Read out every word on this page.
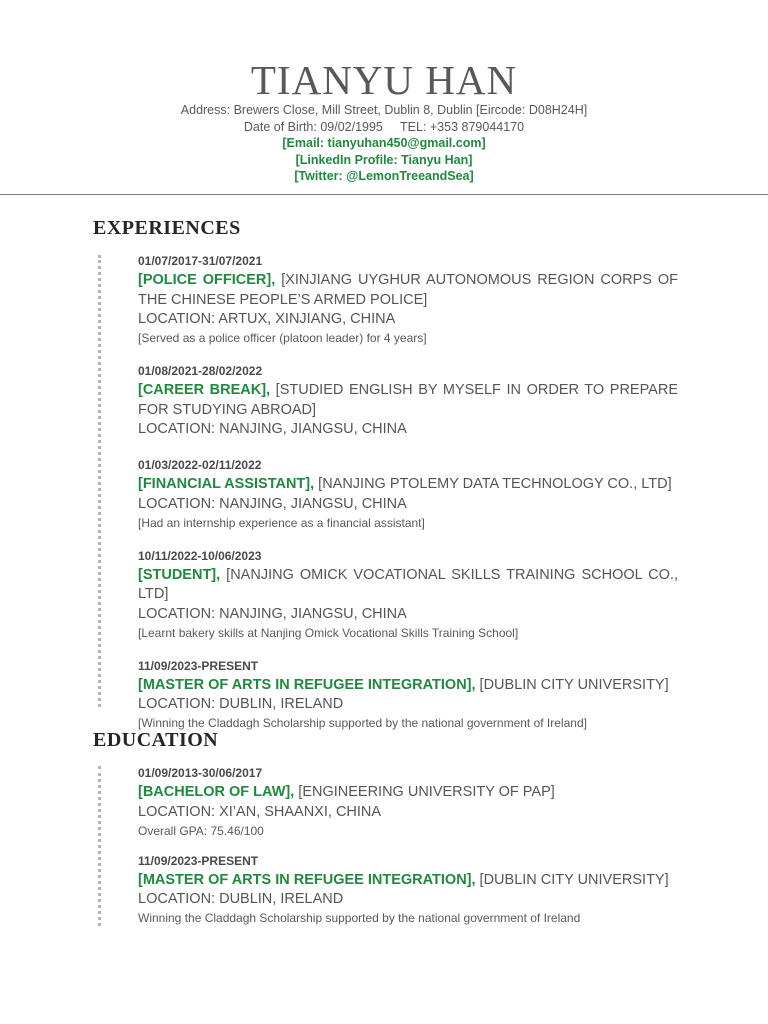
TIANYU HAN
Address: Brewers Close, Mill Street, Dublin 8, Dublin [Eircode: D08H24H]
Date of Birth: 09/02/1995     TEL: +353 879044170
[Email: tianyuhan450@gmail.com]
[LinkedIn Profile: Tianyu Han]
[Twitter: @LemonTreeandSea]
EXPERIENCES
01/07/2017-31/07/2021
[POLICE OFFICER], [XINJIANG UYGHUR AUTONOMOUS REGION CORPS OF THE CHINESE PEOPLE’S ARMED POLICE]
LOCATION: ARTUX, XINJIANG, CHINA
[Served as a police officer (platoon leader) for 4 years]
01/08/2021-28/02/2022
[CAREER BREAK], [STUDIED ENGLISH BY MYSELF IN ORDER TO PREPARE FOR STUDYING ABROAD]
LOCATION: NANJING, JIANGSU, CHINA
01/03/2022-02/11/2022
[FINANCIAL ASSISTANT], [NANJING PTOLEMY DATA TECHNOLOGY CO., LTD]
LOCATION: NANJING, JIANGSU, CHINA
[Had an internship experience as a financial assistant]
10/11/2022-10/06/2023
[STUDENT], [NANJING OMICK VOCATIONAL SKILLS TRAINING SCHOOL CO., LTD]
LOCATION: NANJING, JIANGSU, CHINA
[Learnt bakery skills at Nanjing Omick Vocational Skills Training School]
11/09/2023-PRESENT
[MASTER OF ARTS IN REFUGEE INTEGRATION], [DUBLIN CITY UNIVERSITY]
LOCATION: DUBLIN, IRELAND
[Winning the Claddagh Scholarship supported by the national government of Ireland]
EDUCATION
01/09/2013-30/06/2017
[BACHELOR OF LAW], [ENGINEERING UNIVERSITY OF PAP]
LOCATION: XI’AN, SHAANXI, CHINA
Overall GPA: 75.46/100
11/09/2023-PRESENT
[MASTER OF ARTS IN REFUGEE INTEGRATION], [DUBLIN CITY UNIVERSITY]
LOCATION: DUBLIN, IRELAND
Winning the Claddagh Scholarship supported by the national government of Ireland
